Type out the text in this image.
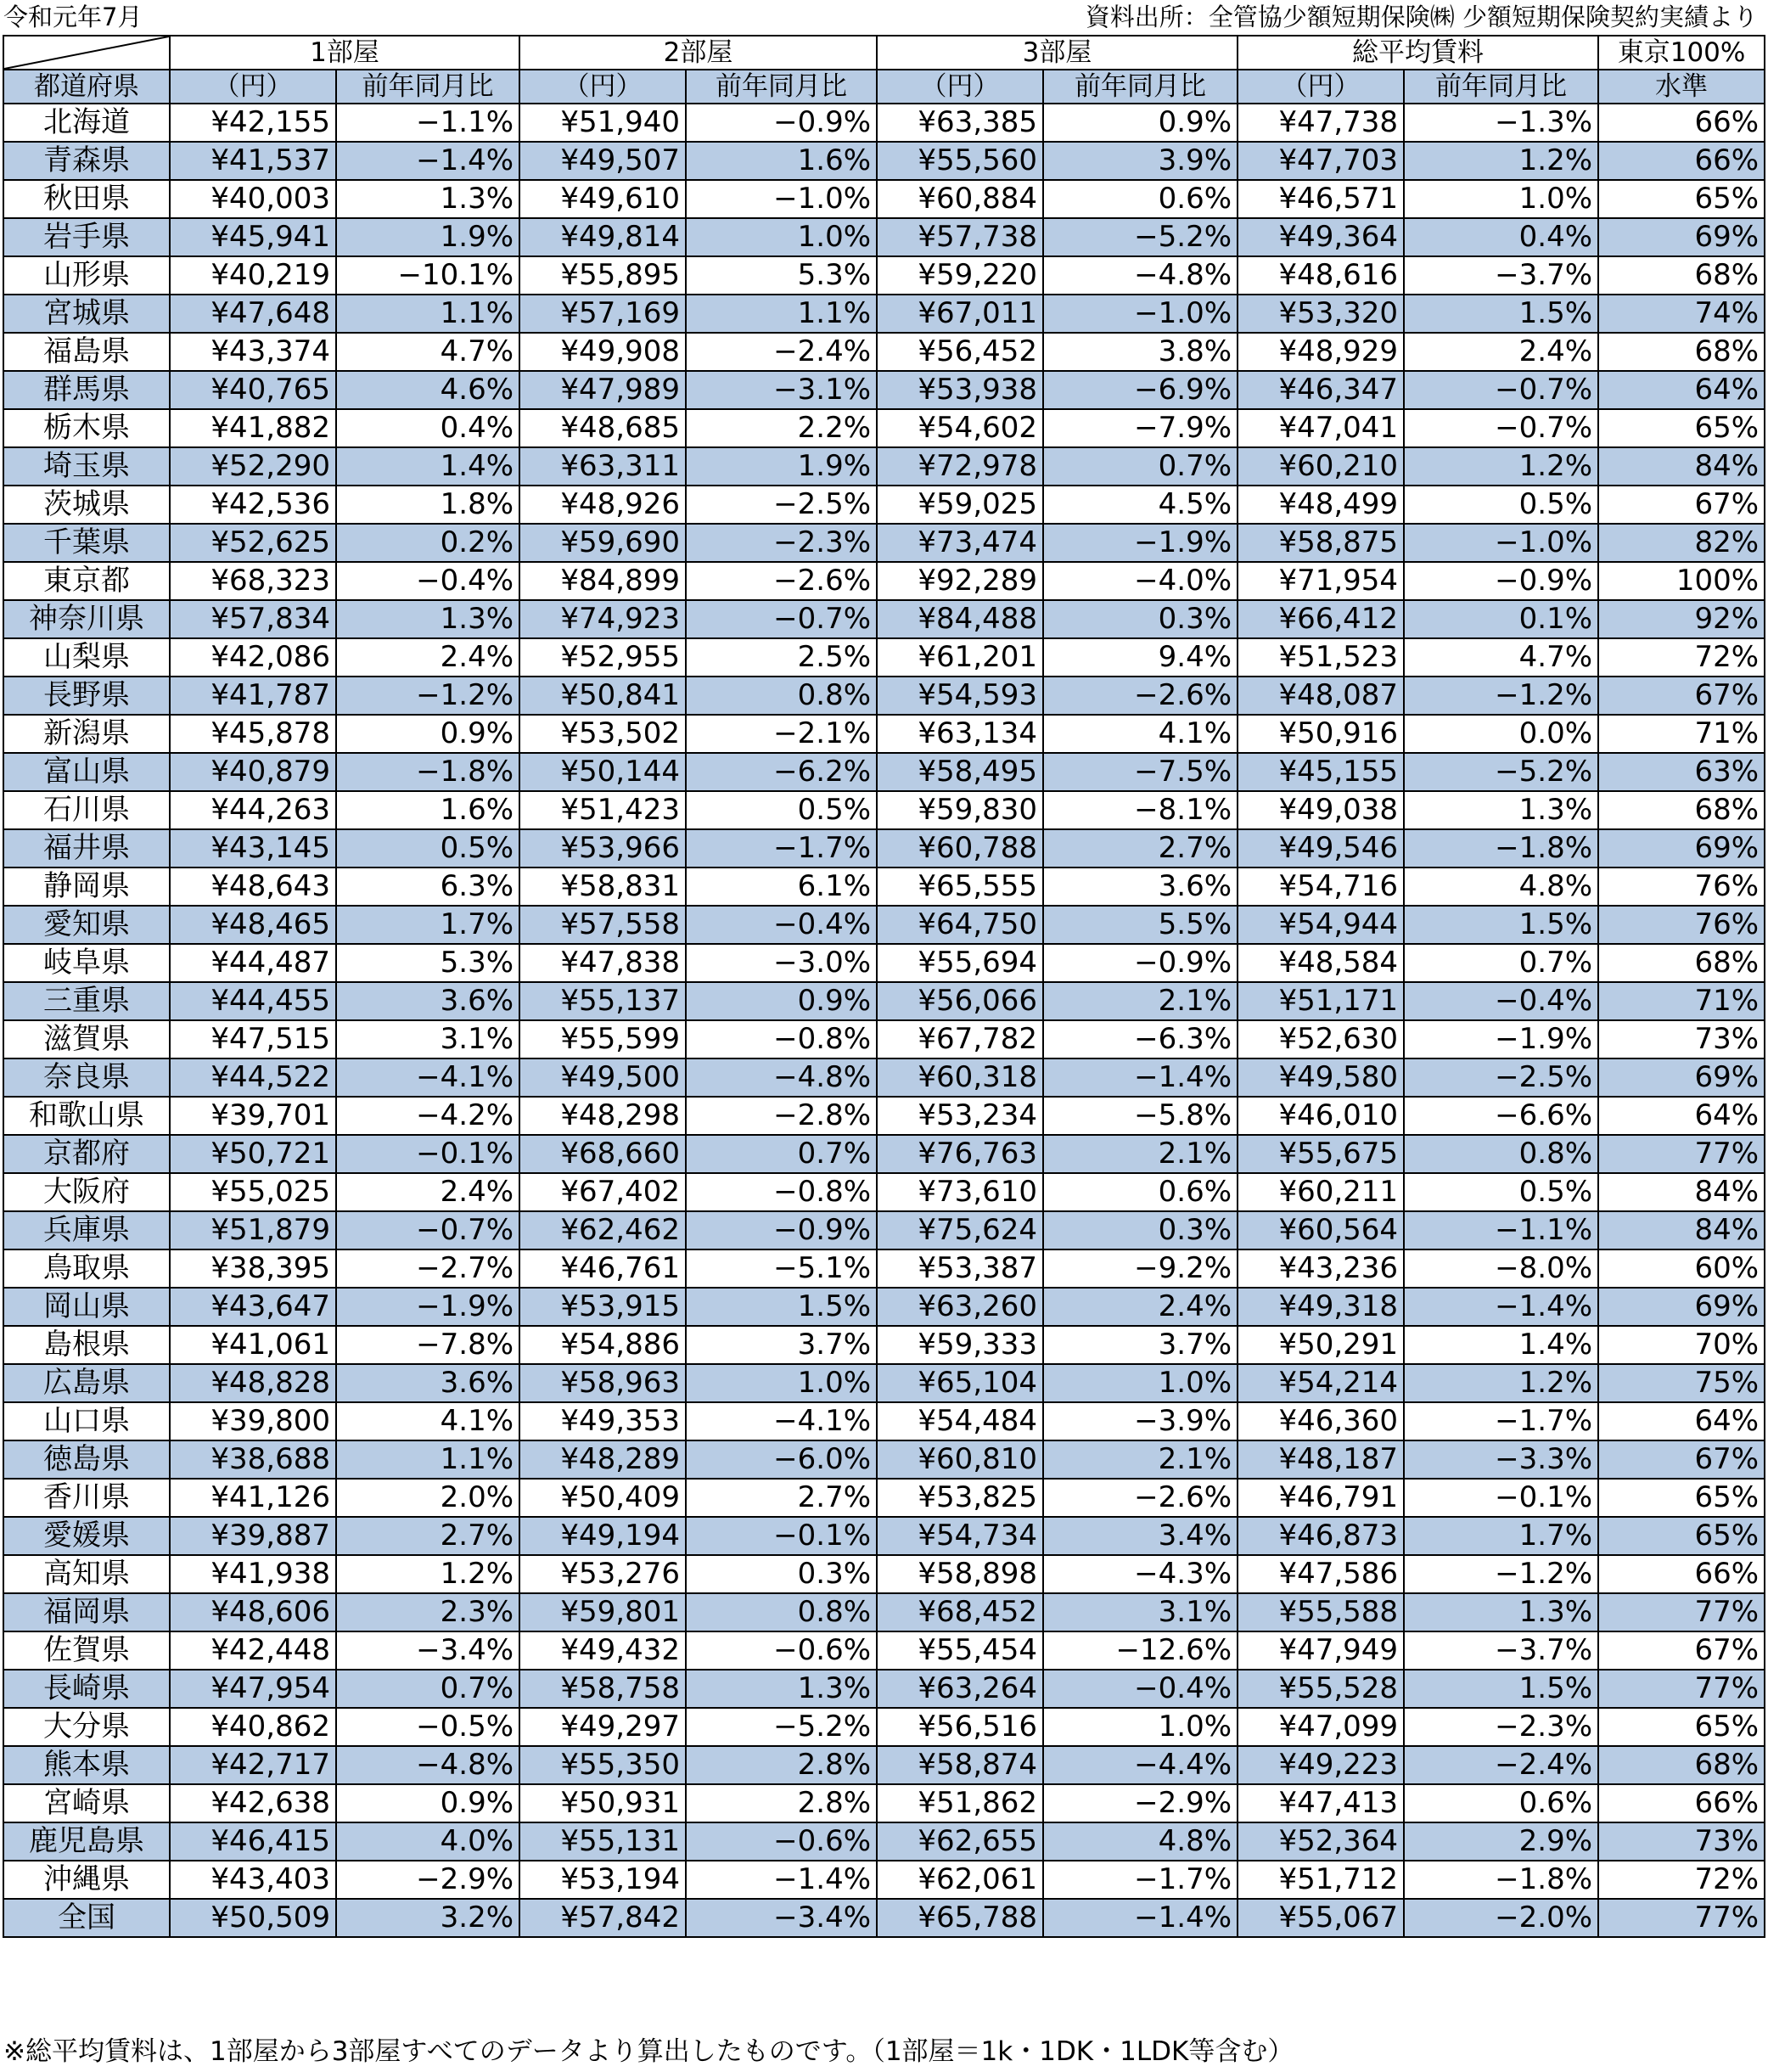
令和元年7月	資料出所：全管協少額短期保険㈱ 少額短期保険契約実績より
	1部屋		2部屋		3部屋		総平均賃料		東京100%
都道府県	（円）	前年同月比	（円）	前年同月比	（円）	前年同月比	（円）	前年同月比	水準
北海道	¥42,155	−1.1%	¥51,940	−0.9%	¥63,385	0.9%	¥47,738	−1.3%	66%
青森県	¥41,537	−1.4%	¥49,507	1.6%	¥55,560	3.9%	¥47,703	1.2%	66%
秋田県	¥40,003	1.3%	¥49,610	−1.0%	¥60,884	0.6%	¥46,571	1.0%	65%
岩手県	¥45,941	1.9%	¥49,814	1.0%	¥57,738	−5.2%	¥49,364	0.4%	69%
山形県	¥40,219	−10.1%	¥55,895	5.3%	¥59,220	−4.8%	¥48,616	−3.7%	68%
宮城県	¥47,648	1.1%	¥57,169	1.1%	¥67,011	−1.0%	¥53,320	1.5%	74%
福島県	¥43,374	4.7%	¥49,908	−2.4%	¥56,452	3.8%	¥48,929	2.4%	68%
群馬県	¥40,765	4.6%	¥47,989	−3.1%	¥53,938	−6.9%	¥46,347	−0.7%	64%
栃木県	¥41,882	0.4%	¥48,685	2.2%	¥54,602	−7.9%	¥47,041	−0.7%	65%
埼玉県	¥52,290	1.4%	¥63,311	1.9%	¥72,978	0.7%	¥60,210	1.2%	84%
茨城県	¥42,536	1.8%	¥48,926	−2.5%	¥59,025	4.5%	¥48,499	0.5%	67%
千葉県	¥52,625	0.2%	¥59,690	−2.3%	¥73,474	−1.9%	¥58,875	−1.0%	82%
東京都	¥68,323	−0.4%	¥84,899	−2.6%	¥92,289	−4.0%	¥71,954	−0.9%	100%
神奈川県	¥57,834	1.3%	¥74,923	−0.7%	¥84,488	0.3%	¥66,412	0.1%	92%
山梨県	¥42,086	2.4%	¥52,955	2.5%	¥61,201	9.4%	¥51,523	4.7%	72%
長野県	¥41,787	−1.2%	¥50,841	0.8%	¥54,593	−2.6%	¥48,087	−1.2%	67%
新潟県	¥45,878	0.9%	¥53,502	−2.1%	¥63,134	4.1%	¥50,916	0.0%	71%
富山県	¥40,879	−1.8%	¥50,144	−6.2%	¥58,495	−7.5%	¥45,155	−5.2%	63%
石川県	¥44,263	1.6%	¥51,423	0.5%	¥59,830	−8.1%	¥49,038	1.3%	68%
福井県	¥43,145	0.5%	¥53,966	−1.7%	¥60,788	2.7%	¥49,546	−1.8%	69%
静岡県	¥48,643	6.3%	¥58,831	6.1%	¥65,555	3.6%	¥54,716	4.8%	76%
愛知県	¥48,465	1.7%	¥57,558	−0.4%	¥64,750	5.5%	¥54,944	1.5%	76%
岐阜県	¥44,487	5.3%	¥47,838	−3.0%	¥55,694	−0.9%	¥48,584	0.7%	68%
三重県	¥44,455	3.6%	¥55,137	0.9%	¥56,066	2.1%	¥51,171	−0.4%	71%
滋賀県	¥47,515	3.1%	¥55,599	−0.8%	¥67,782	−6.3%	¥52,630	−1.9%	73%
奈良県	¥44,522	−4.1%	¥49,500	−4.8%	¥60,318	−1.4%	¥49,580	−2.5%	69%
和歌山県	¥39,701	−4.2%	¥48,298	−2.8%	¥53,234	−5.8%	¥46,010	−6.6%	64%
京都府	¥50,721	−0.1%	¥68,660	0.7%	¥76,763	2.1%	¥55,675	0.8%	77%
大阪府	¥55,025	2.4%	¥67,402	−0.8%	¥73,610	0.6%	¥60,211	0.5%	84%
兵庫県	¥51,879	−0.7%	¥62,462	−0.9%	¥75,624	0.3%	¥60,564	−1.1%	84%
鳥取県	¥38,395	−2.7%	¥46,761	−5.1%	¥53,387	−9.2%	¥43,236	−8.0%	60%
岡山県	¥43,647	−1.9%	¥53,915	1.5%	¥63,260	2.4%	¥49,318	−1.4%	69%
島根県	¥41,061	−7.8%	¥54,886	3.7%	¥59,333	3.7%	¥50,291	1.4%	70%
広島県	¥48,828	3.6%	¥58,963	1.0%	¥65,104	1.0%	¥54,214	1.2%	75%
山口県	¥39,800	4.1%	¥49,353	−4.1%	¥54,484	−3.9%	¥46,360	−1.7%	64%
徳島県	¥38,688	1.1%	¥48,289	−6.0%	¥60,810	2.1%	¥48,187	−3.3%	67%
香川県	¥41,126	2.0%	¥50,409	2.7%	¥53,825	−2.6%	¥46,791	−0.1%	65%
愛媛県	¥39,887	2.7%	¥49,194	−0.1%	¥54,734	3.4%	¥46,873	1.7%	65%
高知県	¥41,938	1.2%	¥53,276	0.3%	¥58,898	−4.3%	¥47,586	−1.2%	66%
福岡県	¥48,606	2.3%	¥59,801	0.8%	¥68,452	3.1%	¥55,588	1.3%	77%
佐賀県	¥42,448	−3.4%	¥49,432	−0.6%	¥55,454	−12.6%	¥47,949	−3.7%	67%
長崎県	¥47,954	0.7%	¥58,758	1.3%	¥63,264	−0.4%	¥55,528	1.5%	77%
大分県	¥40,862	−0.5%	¥49,297	−5.2%	¥56,516	1.0%	¥47,099	−2.3%	65%
熊本県	¥42,717	−4.8%	¥55,350	2.8%	¥58,874	−4.4%	¥49,223	−2.4%	68%
宮崎県	¥42,638	0.9%	¥50,931	2.8%	¥51,862	−2.9%	¥47,413	0.6%	66%
鹿児島県	¥46,415	4.0%	¥55,131	−0.6%	¥62,655	4.8%	¥52,364	2.9%	73%
沖縄県	¥43,403	−2.9%	¥53,194	−1.4%	¥62,061	−1.7%	¥51,712	−1.8%	72%
全国	¥50,509	3.2%	¥57,842	−3.4%	¥65,788	−1.4%	¥55,067	−2.0%	77%
※総平均賃料は、1部屋から3部屋すべてのデータより算出したものです。（1部屋＝1k・1DK・1LDK等含む）
